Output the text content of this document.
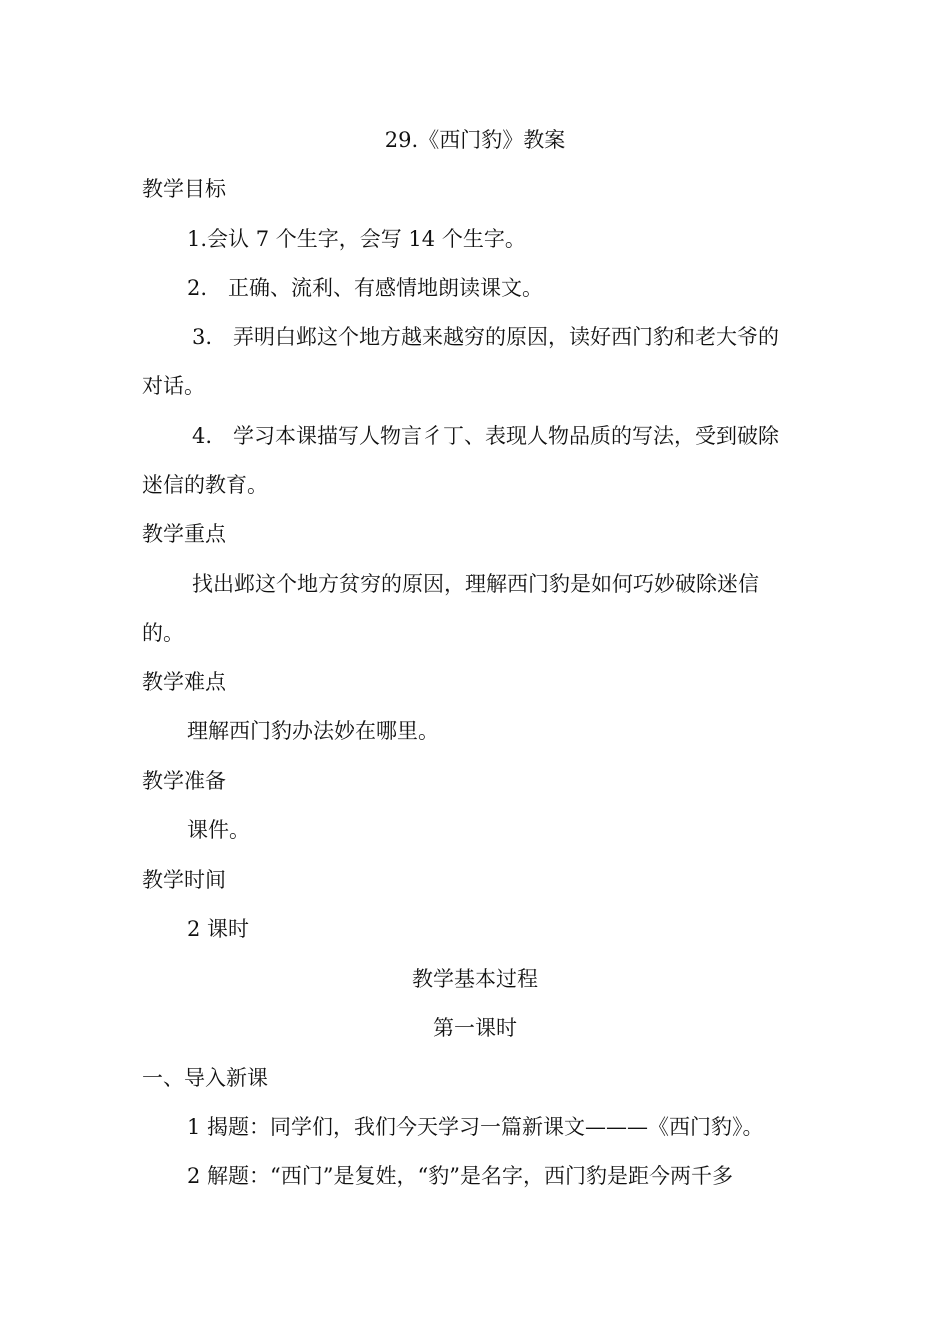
29.《西门豹》教案
教学目标
1.会认 7 个生字，会写 14 个生字。
2.　正确、流利、有感情地朗读课文。
3.　弄明白邺这个地方越来越穷的原因，读好西门豹和老大爷的
对话。
4.　学习本课描写人物言彳丁、表现人物品质的写法，受到破除
迷信的教育。
教学重点
找出邺这个地方贫穷的原因，理解西门豹是如何巧妙破除迷信
的。
教学难点
理解西门豹办法妙在哪里。
教学准备
课件。
教学时间
2 课时
教学基本过程
第一课时
一、导入新课
1 揭题：同学们，我们今天学习一篇新课文———《西门豹》。
2 解题：“西门”是复姓，“豹”是名字，西门豹是距今两千多
